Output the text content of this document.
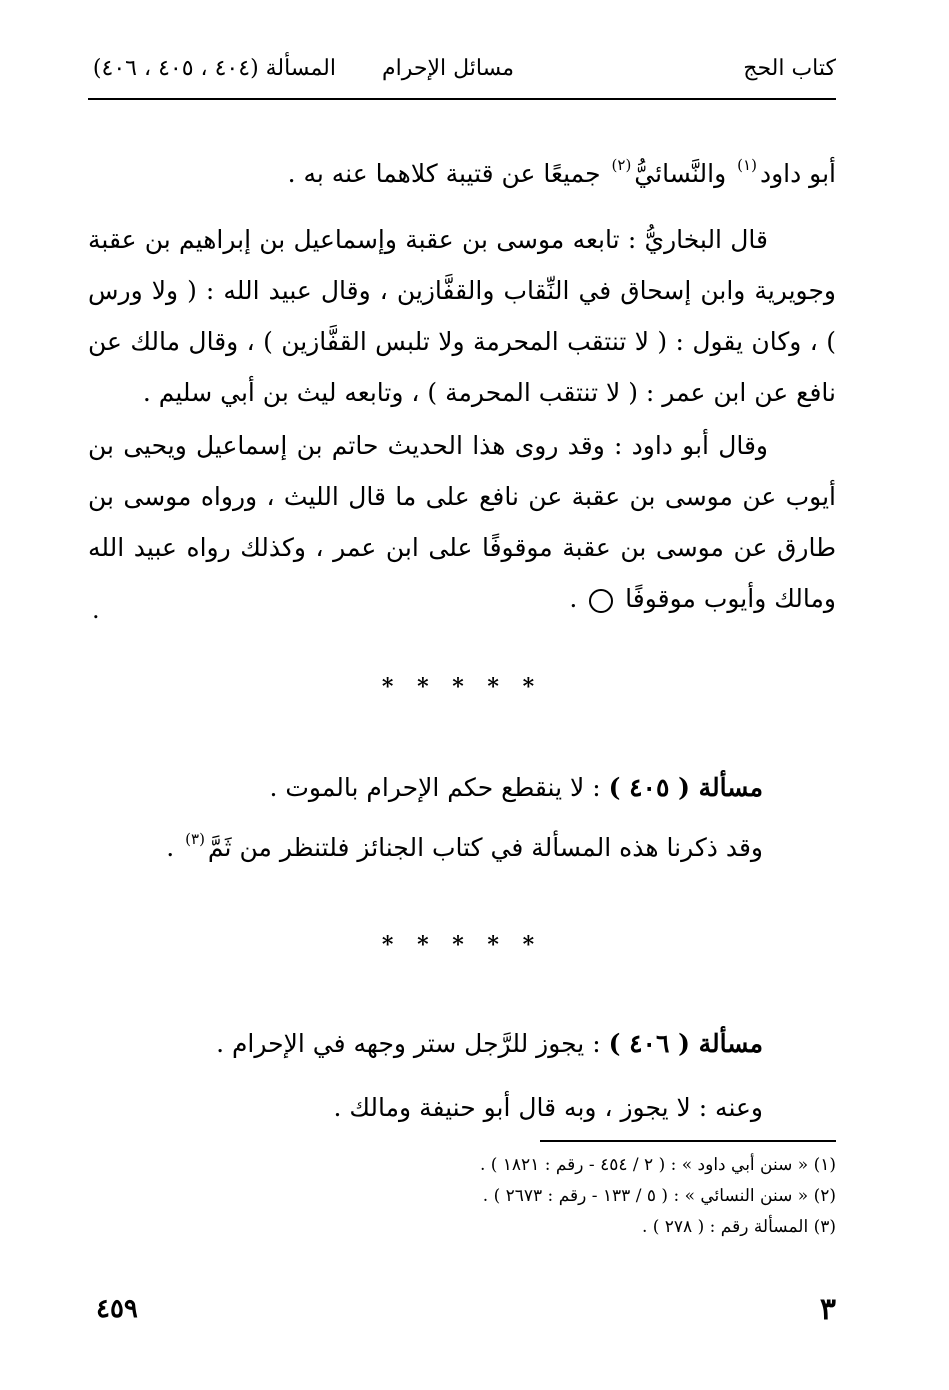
كتاب الحج
مسائل الإحرام
المسألة (٤٠٤ ، ٤٠٥ ، ٤٠٦)

أبو داود$^{(١)}$ والنَّسائيُّ$^{(٢)}$ جميعًا عن قتيبة كلاهما عنه به .

قال البخاريُّ : تابعه موسى بن عقبة وإسماعيل بن إبراهيم بن عقبة وجويرية وابن إسحاق في النِّقاب والقفَّازين ، وقال عبيد الله : ( ولا ورس ) ، وكان يقول : ( لا تنتقب المحرمة ولا تلبس القفَّازين ) ، وقال مالك عن نافع عن ابن عمر : ( لا تنتقب المحرمة ) ، وتابعه ليث بن أبي سليم .

وقال أبو داود : وقد روى هذا الحديث حاتم بن إسماعيل ويحيى بن أيوب عن موسى بن عقبة عن نافع على ما قال الليث ، ورواه موسى بن طارق عن موسى بن عقبة موقوفًا على ابن عمر ، وكذلك رواه عبيد الله ومالك وأيوب موقوفًا  .

.
* * * * *

مسألة ( ٤٠٥ ) : لا ينقطع حكم الإحرام بالموت .

وقد ذكرنا هذه المسألة في كتاب الجنائز فلتنظر من ثَمَّ$^{(٣)}$ .

* * * * *

مسألة ( ٤٠٦ ) : يجوز للرَّجل ستر وجهه في الإحرام .

وعنه : لا يجوز ، وبه قال أبو حنيفة ومالك .

(١) « سنن أبي داود » : ( ٢ / ٤٥٤ - رقم : ١٨٢١ ) .
(٢) « سنن النسائي » : ( ٥ / ١٣٣ - رقم : ٢٦٧٣ ) .
(٣) المسألة رقم : ( ٢٧٨ ) .
٣
٤٥٩
